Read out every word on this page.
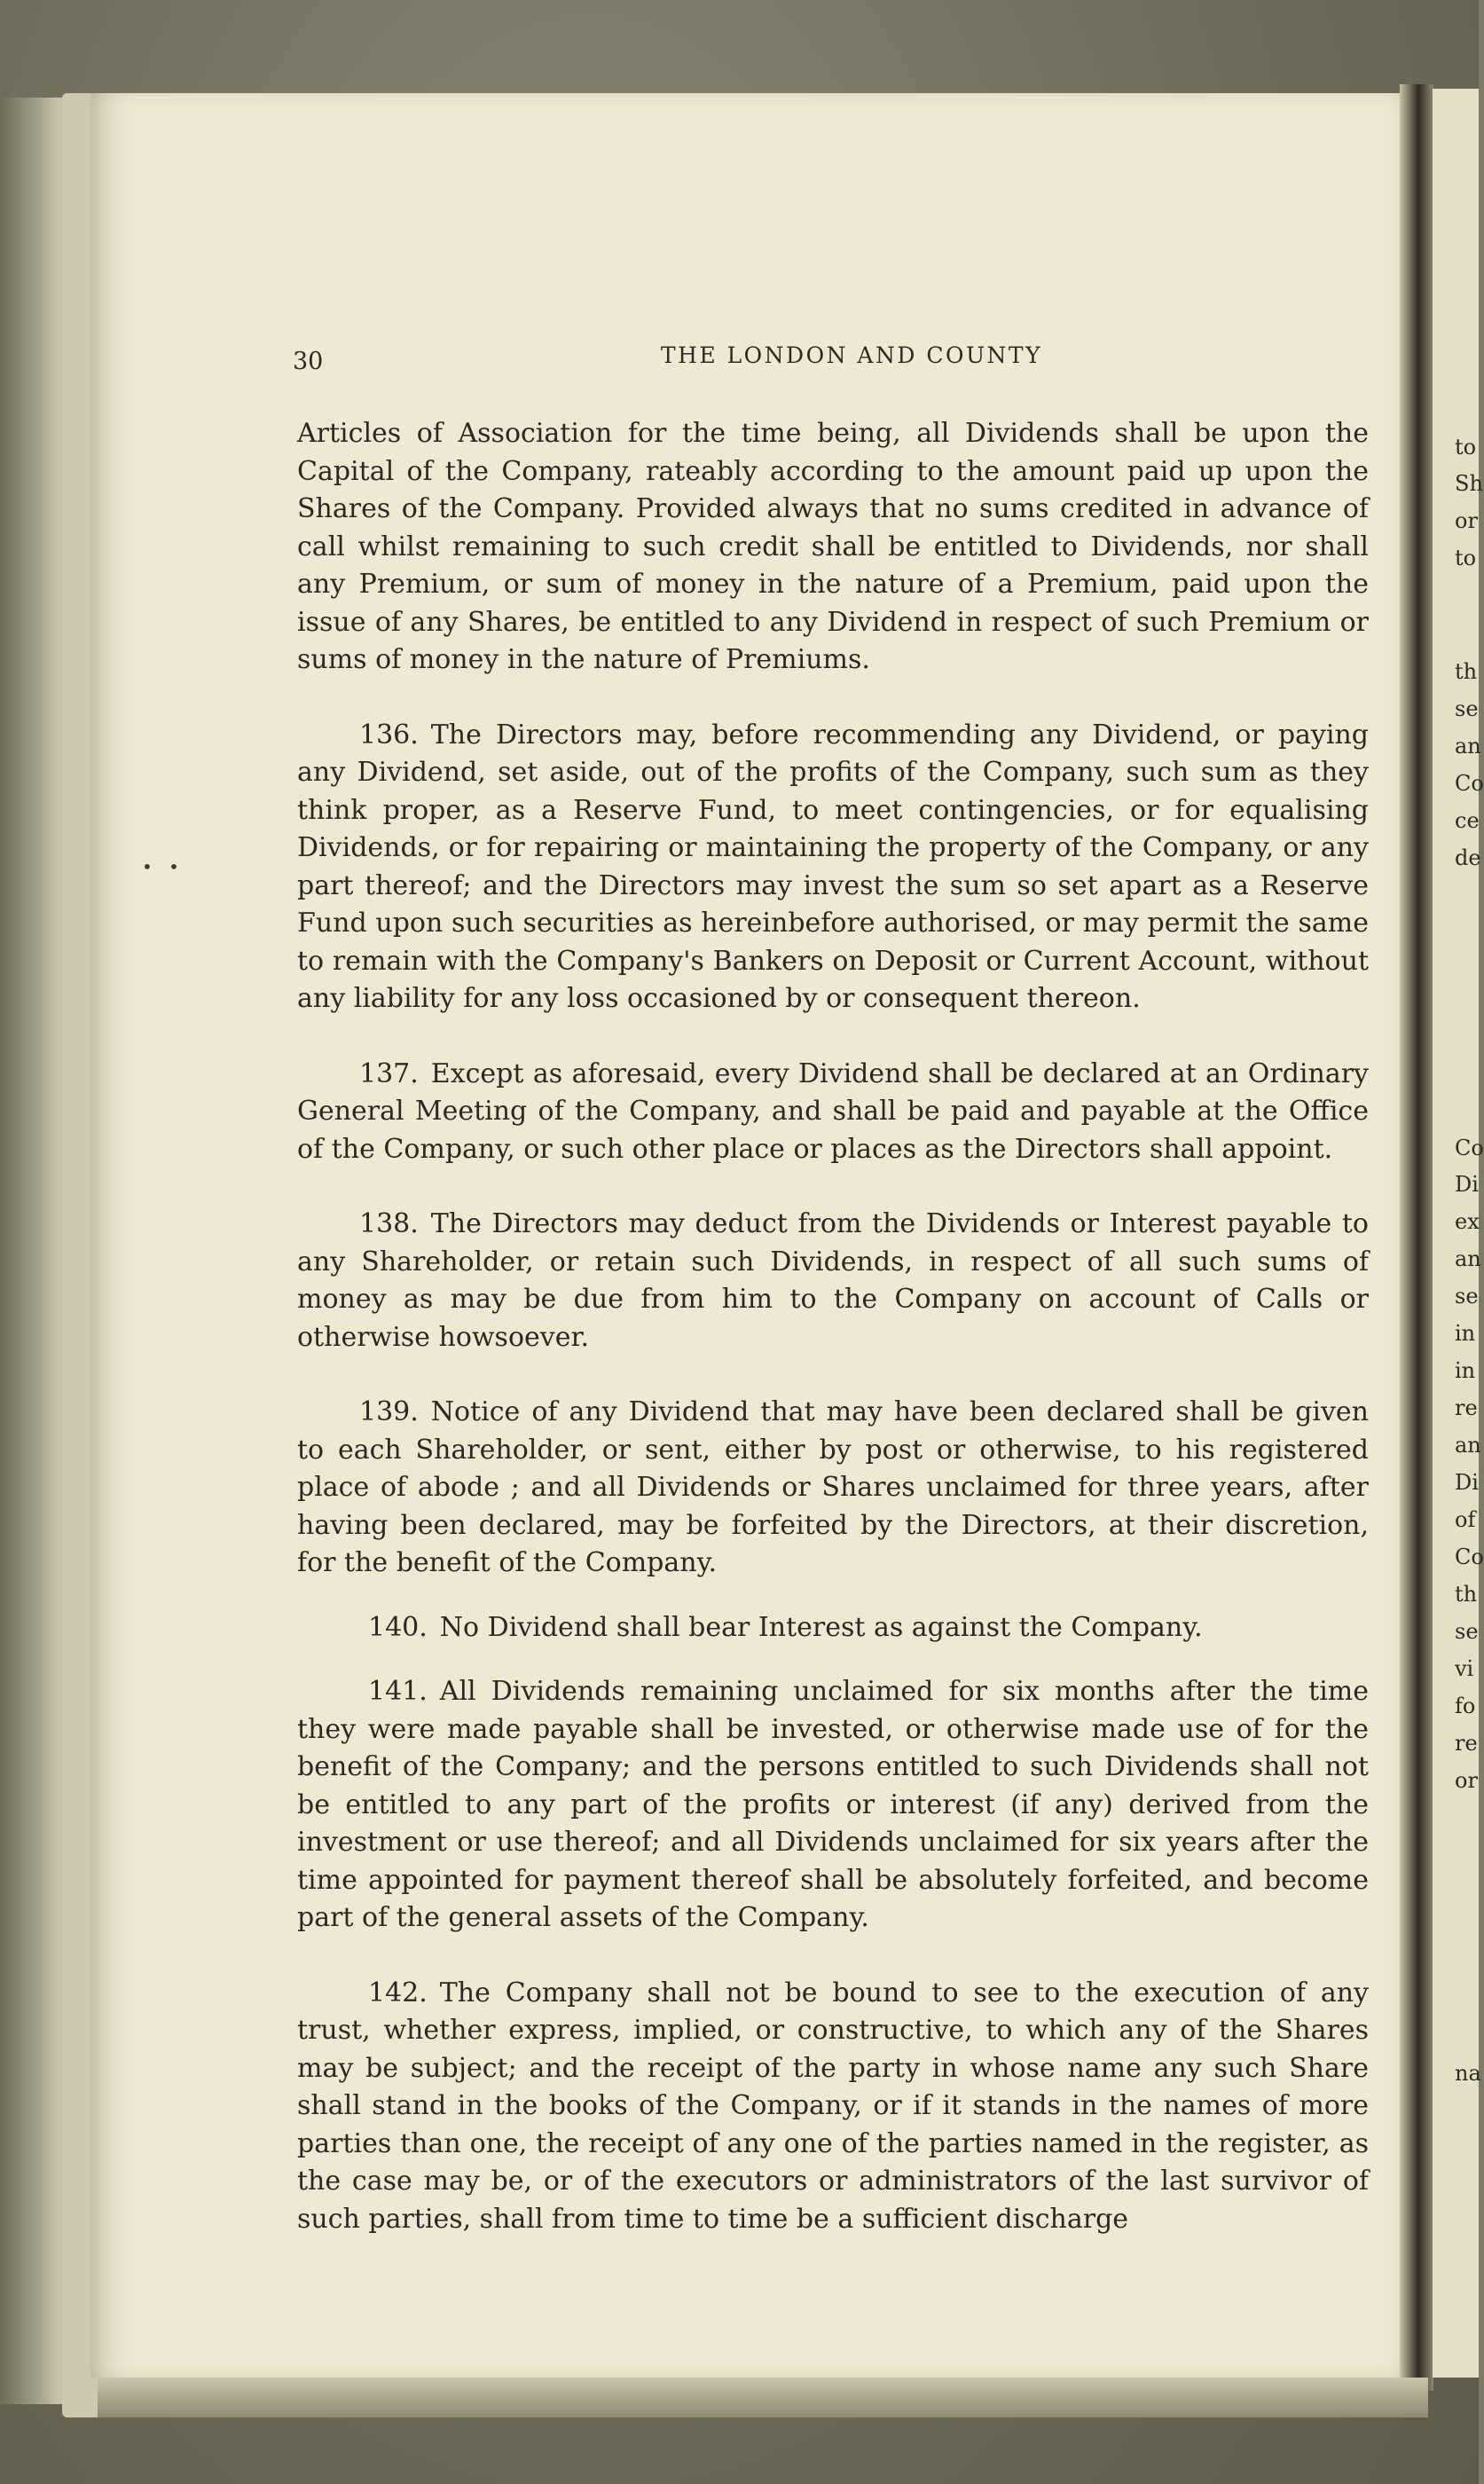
30	THE LONDON AND COUNTY
• •

Articles of Association for the time being, all Dividends shall be upon the Capital of the Company, rateably according to the amount paid up upon the Shares of the Company. Provided always that no sums credited in advance of call whilst remaining to such credit shall be entitled to Dividends, nor shall any Premium, or sum of money in the nature of a Premium, paid upon the issue of any Shares, be entitled to any Dividend in respect of such Premium or sums of money in the nature of Premiums.

136. The Directors may, before recommending any Dividend, or paying any Dividend, set aside, out of the profits of the Company, such sum as they think proper, as a Reserve Fund, to meet contingencies, or for equalising Dividends, or for repairing or maintaining the property of the Company, or any part thereof; and the Directors may invest the sum so set apart as a Reserve Fund upon such securities as hereinbefore authorised, or may permit the same to remain with the Company's Bankers on Deposit or Current Account, without any liability for any loss occasioned by or consequent thereon.

137. Except as aforesaid, every Dividend shall be declared at an Ordinary General Meeting of the Company, and shall be paid and payable at the Office of the Company, or such other place or places as the Directors shall appoint.

138. The Directors may deduct from the Dividends or Interest payable to any Shareholder, or retain such Dividends, in respect of all such sums of money as may be due from him to the Company on account of Calls or otherwise howsoever.

139. Notice of any Dividend that may have been declared shall be given to each Shareholder, or sent, either by post or otherwise, to his registered place of abode ; and all Dividends or Shares unclaimed for three years, after having been declared, may be forfeited by the Directors, at their discretion, for the benefit of the Company.

140. No Dividend shall bear Interest as against the Company.

141. All Dividends remaining unclaimed for six months after the time they were made payable shall be invested, or otherwise made use of for the benefit of the Company; and the persons entitled to such Dividends shall not be entitled to any part of the profits or interest (if any) derived from the investment or use thereof; and all Dividends unclaimed for six years after the time appointed for payment thereof shall be absolutely forfeited, and become part of the general assets of the Company.

142. The Company shall not be bound to see to the execution of any trust, whether express, implied, or constructive, to which any of the Shares may be subject; and the receipt of the party in whose name any such Share shall stand in the books of the Company, or if it stands in the names of more parties than one, the receipt of any one of the parties named in the register, as the case may be, or of the executors or administrators of the last survivor of such parties, shall from time to time be a sufficient discharge

to
Sh
or
to
th
se
an
Co
ce
de
Co
Di
ex
an
se
in
in
re
an
Di
of
Co
th
se
vi
fo
re
or
na
